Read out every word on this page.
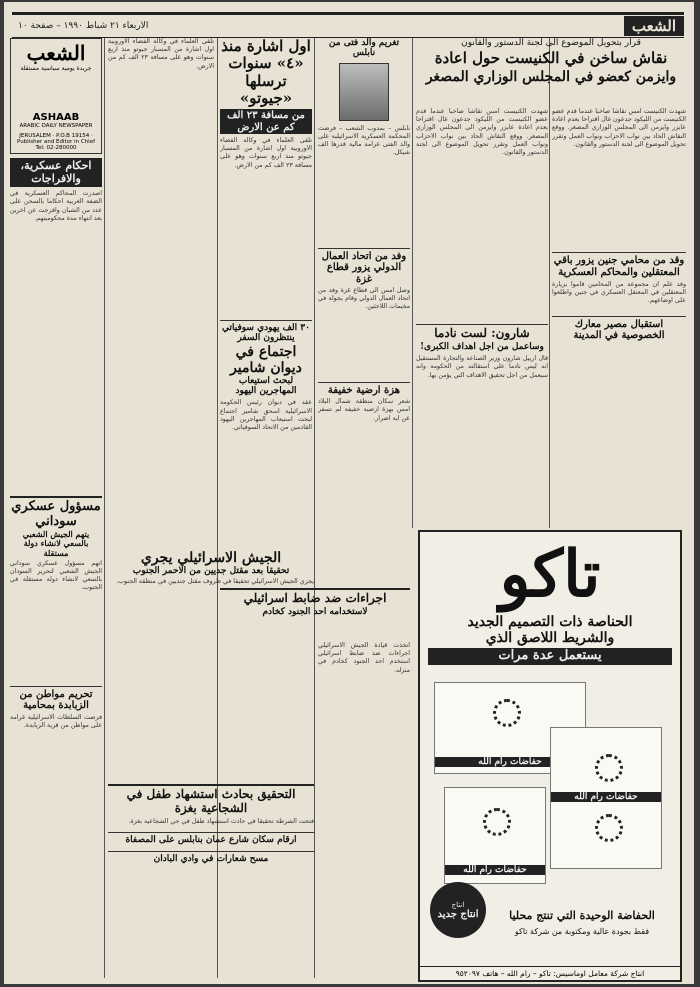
الشعب
الاربعاء ٢١ شباط ١٩٩٠ – صفحة ١٠
قرار بتحويل الموضوع الى لجنة الدستور والقانون
نقاش ساخن في الكنيست حول اعادة
وايزمن كعضو في المجلس الوزاري المصغر
شهدت الكنيست امس نقاشا صاخبا عندما قدم عضو الكنيست من الليكود جدعون غال اقتراحا بعدم اعادة عايزر وايزمن الى المجلس الوزاري المصغر. ووقع النقاش الحاد بين نواب الاحزاب ونواب العمل وتقرر تحويل الموضوع الى لجنة الدستور والقانون.
وقد من محامي جنين يزور باقي المعتقلين والمحاكم العسكرية
وقد علم ان مجموعة من المحامين قاموا بزيارة المعتقلين في المعتقل العسكري في جنين واطلعوا على اوضاعهم.
استقبال مصير معارك الخصوصية في المدينة
شهدت الكنيست امس نقاشا صاخبا عندما قدم عضو الكنيست من الليكود جدعون غال اقتراحا بعدم اعادة عايزر وايزمن الى المجلس الوزاري المصغر. ووقع النقاش الحاد بين نواب الاحزاب ونواب العمل وتقرر تحويل الموضوع الى لجنة الدستور والقانون.
شارون: لست نادما
وساعمل من اجل اهداف الكبرى!
قال ارييل شارون وزير الصناعة والتجارة المستقيل انه ليس نادما على استقالته من الحكومة وانه سيعمل من اجل تحقيق الاهداف التي يؤمن بها.
تاكو
الحناصة ذات التصميم الجديد
والشريط اللاصق الذي
يستعمل عدة مرات
حفاضات رام الله
حفاضات رام الله
حفاضات رام الله
انتاج
انتاج جديد	الحفاضة الوحيدة التي تنتج محليا
فقط بجودة عالية ومكتوبة من شركة تاكو
انتاج شركة معامل اوماسيس: تاكو – رام الله – هاتف ٩٥٢٠٩٧
تغريم والد فتى من نابلس
نابلس – بمدوب الشعب – فرضت المحكمة العسكرية الاسرائيلية على والد الفتى غرامة مالية قدرها الف شيكل.
وفد من اتحاد العمال الدولي يزور قطاع غزة
وصل امس الى قطاع غزة وفد من اتحاد العمال الدولي وقام بجولة في مخيمات اللاجئين.
هزة ارضية خفيفة
شعر سكان منطقة شمال البلاد امس بهزة ارضية خفيفة لم تسفر عن اية اضرار.
اجراءات ضد ضابط اسرائيلي
لاستخدامه احد الجنود كخادم
اتخذت قيادة الجيش الاسرائيلي اجراءات ضد ضابط اسرائيلي استخدم احد الجنود كخادم في منزله.
اول اشارة منذ «٤» سنوات ترسلها «جيوتو»
من مسافة ٢٣ الف كم عن الارض
تلقى العلماء في وكالة الفضاء الاوروبية اول اشارة من المسبار جيوتو منذ اربع سنوات وهو على مسافة ٢٣ الف كم من الارض.
٣٠ الف يهودي سوفياتي ينتظرون السفر
اجتماع في ديوان شامير
لبحث استيعاب المهاجرين اليهود
عقد في ديوان رئيس الحكومة الاسرائيلية اسحق شامير اجتماع لبحث استيعاب المهاجرين اليهود القادمين من الاتحاد السوفياتي.
الجيش الاسرائيلي يجري
تحقيقا بعد مقتل جديين من الاحمر الجنوب
يجري الجيش الاسرائيلي تحقيقا في ظروف مقتل جنديين في منطقة الجنوب.
تلقى العلماء في وكالة الفضاء الاوروبية اول اشارة من المسبار جيوتو منذ اربع سنوات وهو على مسافة ٢٣ الف كم من الارض.
التحقيق بحادث استشهاد طفل في الشجاعية بغزة
فتحت الشرطة تحقيقا في حادث استشهاد طفل في حي الشجاعية بغزة.
ارقام سكان شارع عمان بنابلس على المصفاة
مسح شعارات في وادي البادان
الشعب
جريدة يومية سياسية مستقلة
ASHAAB
ARABIC DAILY NEWSPAPER
JERUSALEM · P.O.B 19154 · Publisher and Editor in Chief
Tel: 02-280000
احكام عسكرية، والافراجات
اصدرت المحاكم العسكرية في الضفة الغربية احكاما بالسجن على عدد من الشبان وافرجت عن اخرين بعد انتهاء مدة محكوميتهم.
مسؤول عسكري سوداني
يتهم الجيش الشعبي بالسعي لانشاء دولة مستقلة
اتهم مسؤول عسكري سوداني الجيش الشعبي لتحرير السودان بالسعي لانشاء دولة مستقلة في الجنوب.
تحريم مواطن من الزبابدة بمحامية
فرضت السلطات الاسرائيلية غرامة على مواطن من قرية الزبابدة.
